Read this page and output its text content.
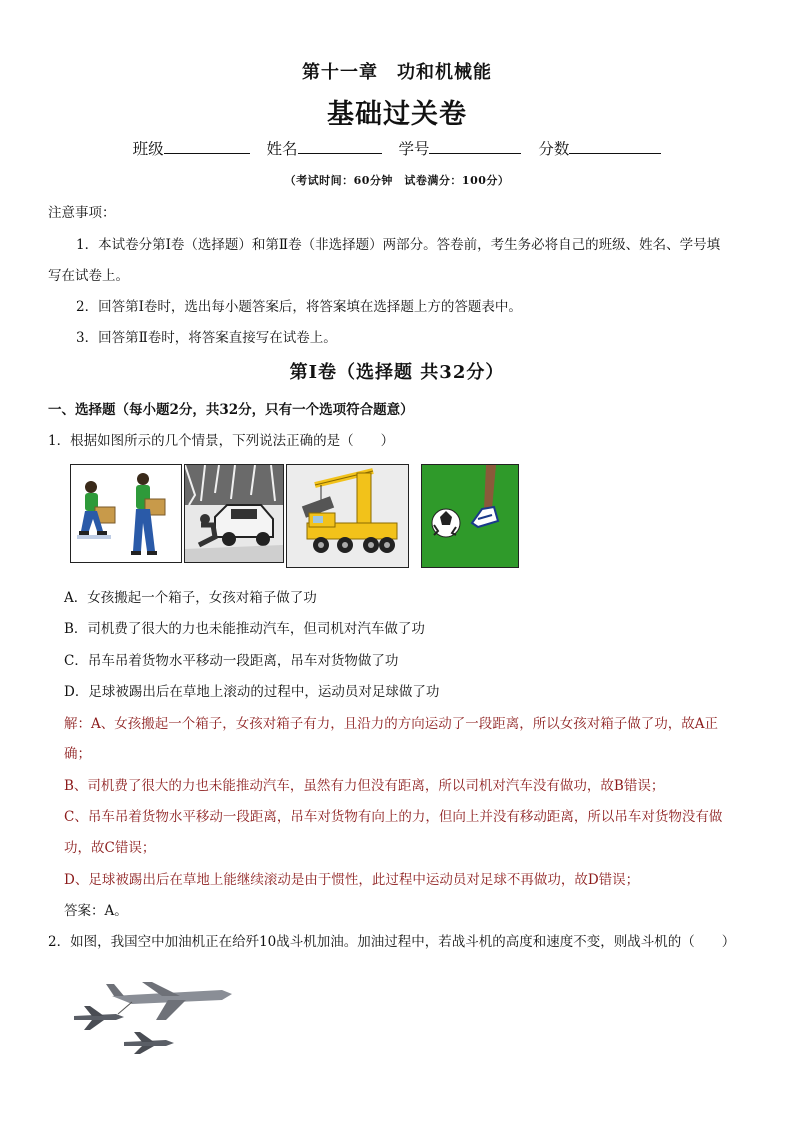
第十一章　功和机械能
基础过关卷
班级	姓名	学号	分数
（考试时间：60分钟　试卷满分：100分）
注意事项：
1．本试卷分第Ⅰ卷（选择题）和第Ⅱ卷（非选择题）两部分。答卷前，考生务必将自己的班级、姓名、学号填
写在试卷上。
2．回答第Ⅰ卷时，选出每小题答案后，将答案填在选择题上方的答题表中。
3．回答第Ⅱ卷时，将答案直接写在试卷上。
第Ⅰ卷（选择题 共32分）
一、选择题（每小题2分，共32分，只有一个选项符合题意）
1．根据如图所示的几个情景，下列说法正确的是（　　）
A．女孩搬起一个箱子，女孩对箱子做了功
B．司机费了很大的力也未能推动汽车，但司机对汽车做了功
C．吊车吊着货物水平移动一段距离，吊车对货物做了功
D．足球被踢出后在草地上滚动的过程中，运动员对足球做了功
解：A、女孩搬起一个箱子，女孩对箱子有力，且沿力的方向运动了一段距离，所以女孩对箱子做了功，故A正
确；
B、司机费了很大的力也未能推动汽车，虽然有力但没有距离，所以司机对汽车没有做功，故B错误；
C、吊车吊着货物水平移动一段距离，吊车对货物有向上的力，但向上并没有移动距离，所以吊车对货物没有做
功，故C错误；
D、足球被踢出后在草地上能继续滚动是由于惯性，此过程中运动员对足球不再做功，故D错误；
答案：A。
2．如图，我国空中加油机正在给歼10战斗机加油。加油过程中，若战斗机的高度和速度不变，则战斗机的（　　）
